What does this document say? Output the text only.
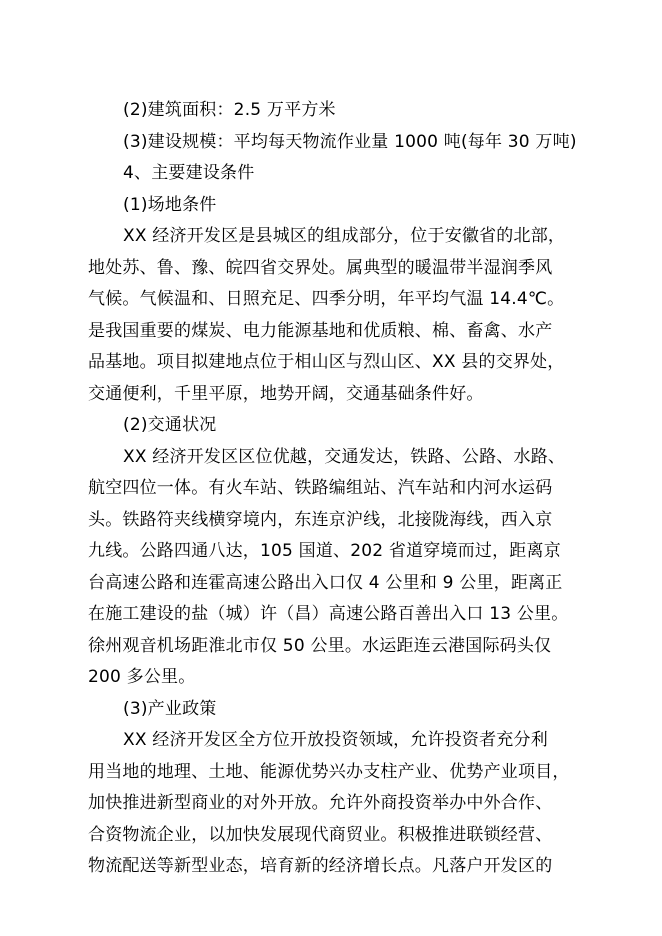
(2)建筑面积：2.5 万平方米
(3)建设规模：平均每天物流作业量 1000 吨(每年 30 万吨)
4、主要建设条件
(1)场地条件
XX 经济开发区是县城区的组成部分，位于安徽省的北部，
地处苏、鲁、豫、皖四省交界处。属典型的暖温带半湿润季风
气候。气候温和、日照充足、四季分明，年平均气温 14.4℃。
是我国重要的煤炭、电力能源基地和优质粮、棉、畜禽、水产
品基地。项目拟建地点位于相山区与烈山区、XX 县的交界处，
交通便利，千里平原，地势开阔，交通基础条件好。
(2)交通状况
XX 经济开发区区位优越，交通发达，铁路、公路、水路、
航空四位一体。有火车站、铁路编组站、汽车站和内河水运码
头。铁路符夹线横穿境内，东连京沪线，北接陇海线，西入京
九线。公路四通八达，105 国道、202 省道穿境而过，距离京
台高速公路和连霍高速公路出入口仅 4 公里和 9 公里，距离正
在施工建设的盐（城）许（昌）高速公路百善出入口 13 公里。
徐州观音机场距淮北市仅 50 公里。水运距连云港国际码头仅
200 多公里。
(3)产业政策
XX 经济开发区全方位开放投资领域，允许投资者充分利
用当地的地理、土地、能源优势兴办支柱产业、优势产业项目，
加快推进新型商业的对外开放。允许外商投资举办中外合作、
合资物流企业，以加快发展现代商贸业。积极推进联锁经营、
物流配送等新型业态，培育新的经济增长点。凡落户开发区的
